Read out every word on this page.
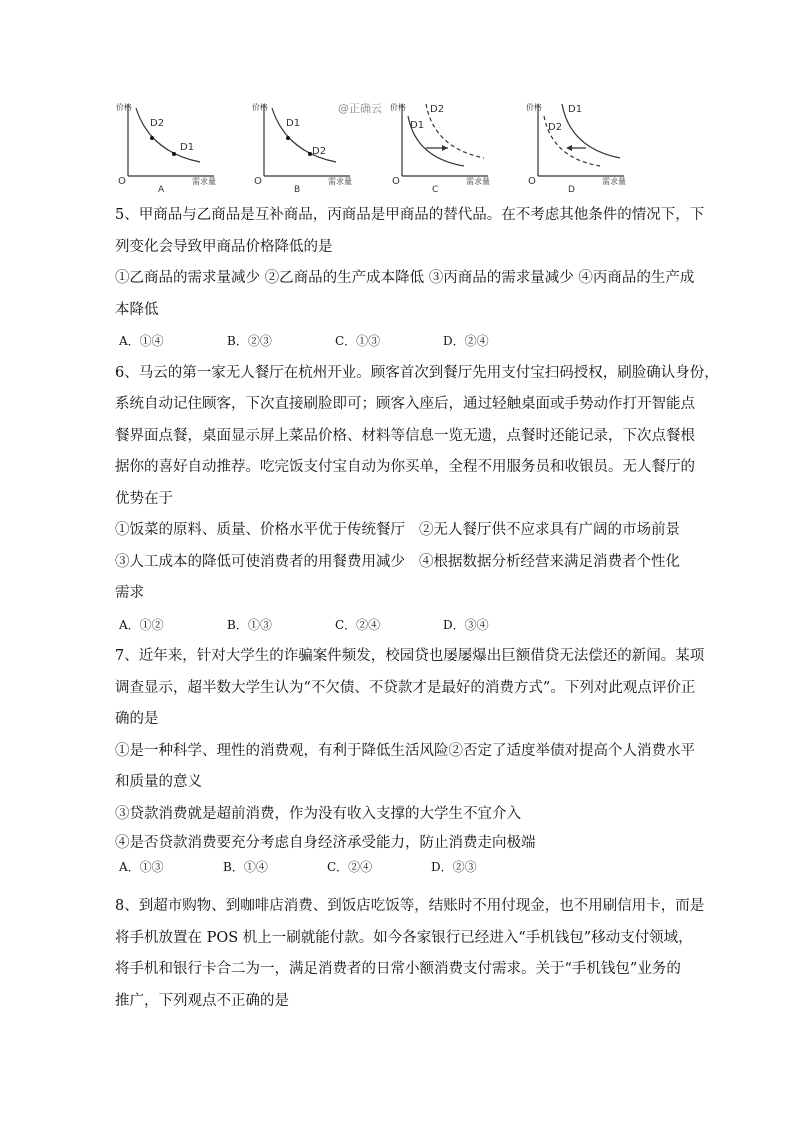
@正确云
价格
需求量
O
D2
D1
A
价格
需求量
O
D1
D2
B
价格
需求量
O
D1
D2
C
价格
需求量
O
D1
D2
D
5、甲商品与乙商品是互补商品，丙商品是甲商品的替代品。在不考虑其他条件的情况下，下
列变化会导致甲商品价格降低的是
①乙商品的需求量减少 ②乙商品的生产成本降低 ③丙商品的需求量减少 ④丙商品的生产成
本降低
A．①④	B．②③	C．①③	D．②④
6、马云的第一家无人餐厅在杭州开业。顾客首次到餐厅先用支付宝扫码授权，刷脸确认身份，
系统自动记住顾客，下次直接刷脸即可；顾客入座后，通过轻触桌面或手势动作打开智能点
餐界面点餐，桌面显示屏上菜品价格、材料等信息一览无遗，点餐时还能记录，下次点餐根
据你的喜好自动推荐。吃完饭支付宝自动为你买单，全程不用服务员和收银员。无人餐厅的
优势在于
①饭菜的原料、质量、价格水平优于传统餐厅 ②无人餐厅供不应求具有广阔的市场前景
③人工成本的降低可使消费者的用餐费用减少 ④根据数据分析经营来满足消费者个性化
需求
A．①②	B．①③	C．②④	D．③④
7、近年来，针对大学生的诈骗案件频发，校园贷也屡屡爆出巨额借贷无法偿还的新闻。某项
调查显示，超半数大学生认为“不欠债、不贷款才是最好的消费方式”。下列对此观点评价正
确的是
①是一种科学、理性的消费观，有利于降低生活风险②否定了适度举债对提高个人消费水平
和质量的意义
③贷款消费就是超前消费，作为没有收入支撑的大学生不宜介入
④是否贷款消费要充分考虑自身经济承受能力，防止消费走向极端
A．①③	B．①④	C．②④	D．②③
8、到超市购物、到咖啡店消费、到饭店吃饭等，结账时不用付现金，也不用刷信用卡，而是
将手机放置在 POS 机上一刷就能付款。如今各家银行已经进入“手机钱包”移动支付领域，
将手机和银行卡合二为一，满足消费者的日常小额消费支付需求。关于“手机钱包”业务的
推广，下列观点不正确的是
